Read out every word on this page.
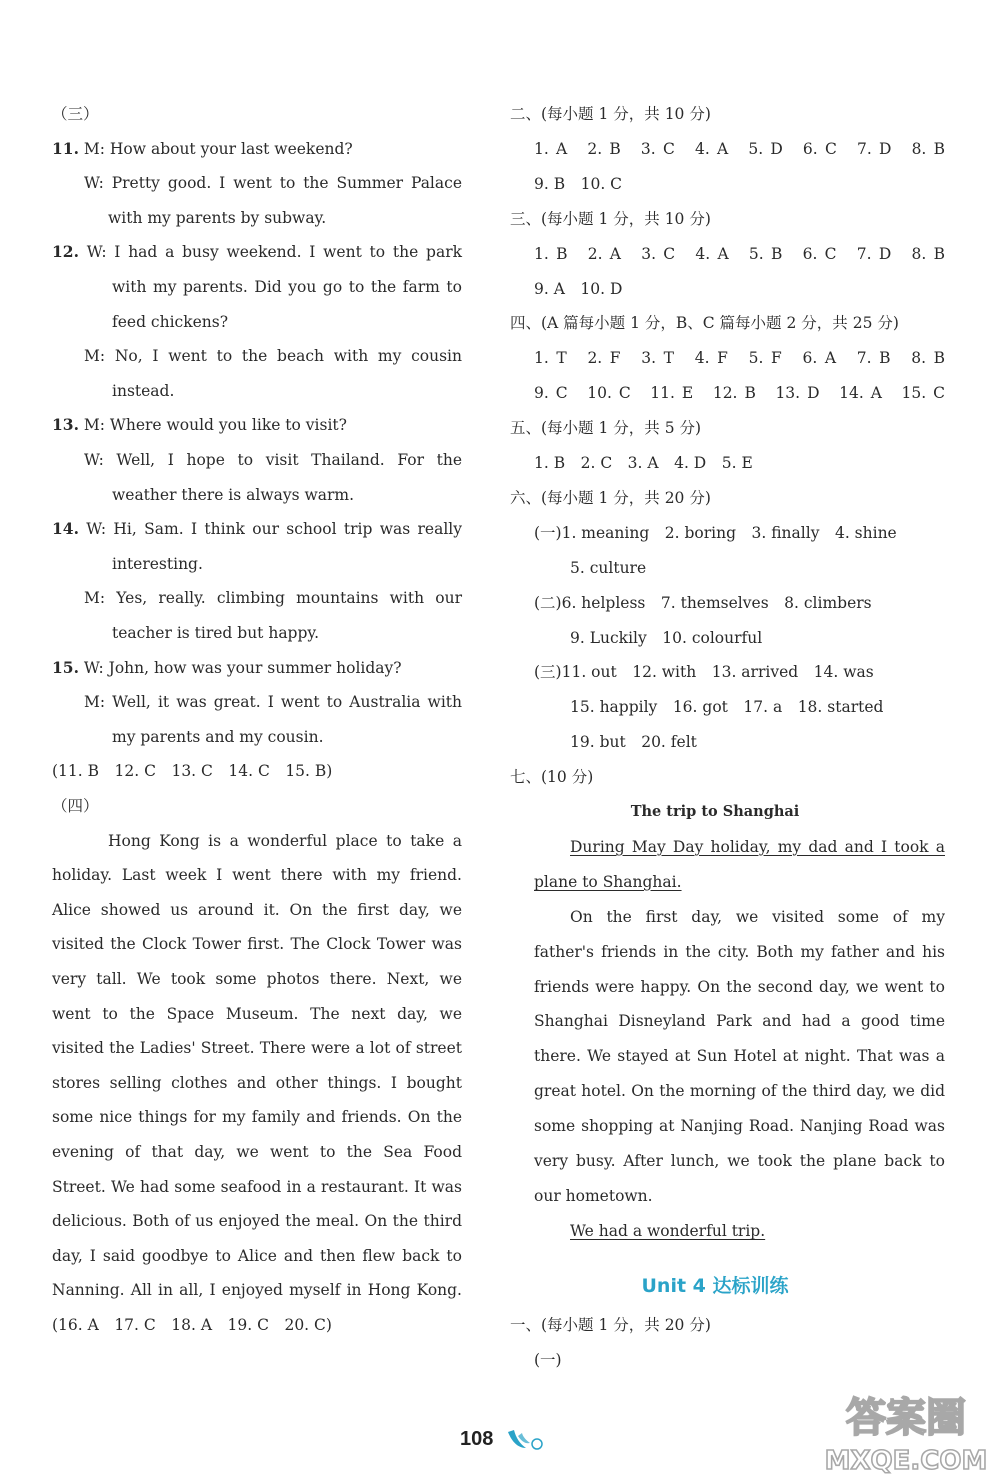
（三）
11. M: How about your last weekend?
W: Pretty good. I went to the Summer Palace
with my parents by subway.
12. W: I had a busy weekend. I went to the park
with my parents. Did you go to the farm to
feed chickens?
M: No, I went to the beach with my cousin
instead.
13. M: Where would you like to visit?
W: Well, I hope to visit Thailand. For the
weather there is always warm.
14. W: Hi, Sam. I think our school trip was really
interesting.
M: Yes, really. climbing mountains with our
teacher is tired but happy.
15. W: John, how was your summer holiday?
M: Well, it was great. I went to Australia with
my parents and my cousin.
(11. B　12. C　13. C　14. C　15. B)
（四）
Hong Kong is a wonderful place to take a
holiday. Last week I went there with my friend.
Alice showed us around it. On the first day, we
visited the Clock Tower first. The Clock Tower was
very tall. We took some photos there. Next, we
went to the Space Museum. The next day, we
visited the Ladies' Street. There were a lot of street
stores selling clothes and other things. I bought
some nice things for my family and friends. On the
evening of that day, we went to the Sea Food
Street. We had some seafood in a restaurant. It was
delicious. Both of us enjoyed the meal. On the third
day, I said goodbye to Alice and then flew back to
Nanning. All in all, I enjoyed myself in Hong Kong.
(16. A　17. C　18. A　19. C　20. C)
二、(每小题 1 分，共 10 分)
1. A　2. B　3. C　4. A　5. D　6. C　7. D　8. B
9. B　10. C
三、(每小题 1 分，共 10 分)
1. B　2. A　3. C　4. A　5. B　6. C　7. D　8. B
9. A　10. D
四、(A 篇每小题 1 分，B、C 篇每小题 2 分，共 25 分)
1. T　2. F　3. T　4. F　5. F　6. A　7. B　8. B
9. C　10. C　11. E　12. B　13. D　14. A　15. C
五、(每小题 1 分，共 5 分)
1. B　2. C　3. A　4. D　5. E
六、(每小题 1 分，共 20 分)
(一)1. meaning　2. boring　3. finally　4. shine
5. culture
(二)6. helpless　7. themselves　8. climbers
9. Luckily　10. colourful
(三)11. out　12. with　13. arrived　14. was
15. happily　16. got　17. a　18. started
19. but　20. felt
七、(10 分)
The trip to Shanghai
During May Day holiday, my dad and I took a
plane to Shanghai.
On the first day, we visited some of my
father's friends in the city. Both my father and his
friends were happy. On the second day, we went to
Shanghai Disneyland Park and had a good time
there. We stayed at Sun Hotel at night. That was a
great hotel. On the morning of the third day, we did
some shopping at Nanjing Road. Nanjing Road was
very busy. After lunch, we took the plane back to
our hometown.
We had a wonderful trip.
Unit 4 达标训练
一、(每小题 1 分，共 20 分)
(一)
108	答案圈
MXQE.COM
